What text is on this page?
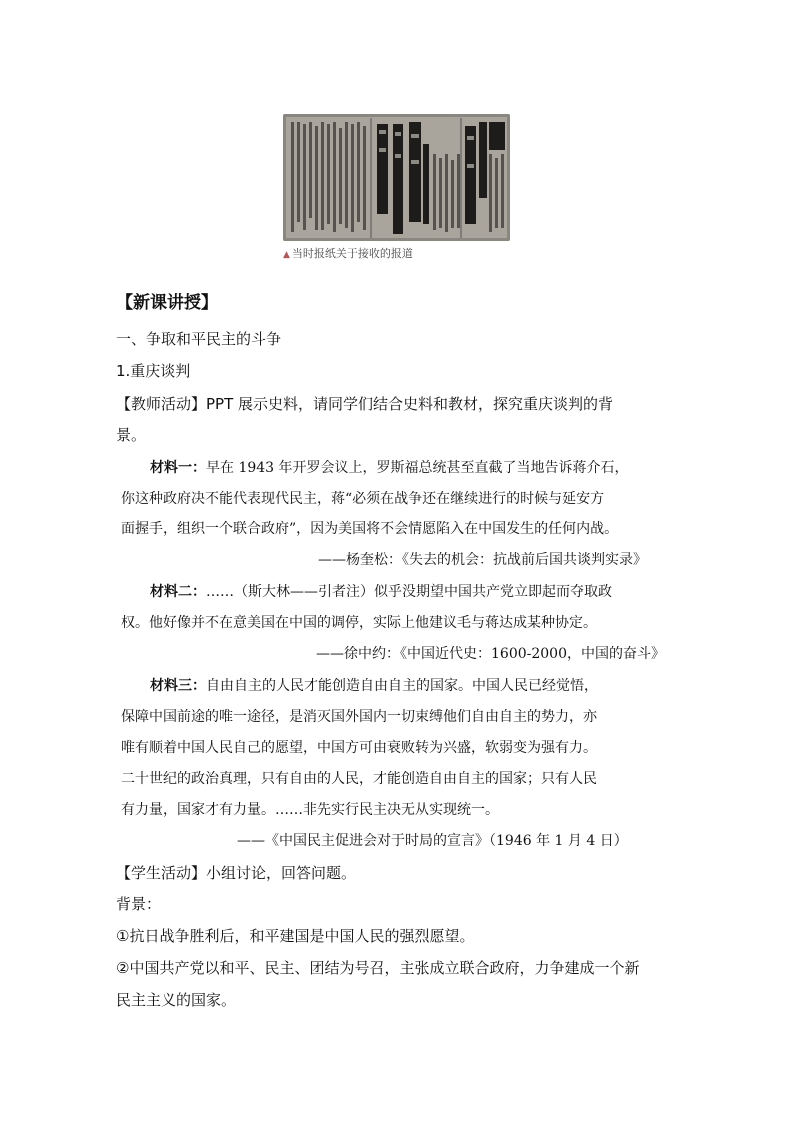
▲ 当时报纸关于接收的报道
【新课讲授】
一、争取和平民主的斗争
1.重庆谈判
【教师活动】PPT 展示史料，请同学们结合史料和教材，探究重庆谈判的背
景。
材料一：早在 1943 年开罗会议上，罗斯福总统甚至直截了当地告诉蒋介石，
你这种政府决不能代表现代民主，蒋“必须在战争还在继续进行的时候与延安方
面握手，组织一个联合政府”，因为美国将不会情愿陷入在中国发生的任何内战。
——杨奎松：《失去的机会：抗战前后国共谈判实录》
材料二：……（斯大林——引者注）似乎没期望中国共产党立即起而夺取政
权。他好像并不在意美国在中国的调停，实际上他建议毛与蒋达成某种协定。
——徐中约：《中国近代史：1600-2000，中国的奋斗》
材料三：自由自主的人民才能创造自由自主的国家。中国人民已经觉悟，
保障中国前途的唯一途径，是消灭国外国内一切束缚他们自由自主的势力，亦
唯有顺着中国人民自己的愿望，中国方可由衰败转为兴盛，软弱变为强有力。
二十世纪的政治真理，只有自由的人民，才能创造自由自主的国家；只有人民
有力量，国家才有力量。……非先实行民主决无从实现统一。
——《中国民主促进会对于时局的宣言》（1946 年 1 月 4 日）
【学生活动】小组讨论，回答问题。
背景：
①抗日战争胜利后，和平建国是中国人民的强烈愿望。
②中国共产党以和平、民主、团结为号召，主张成立联合政府，力争建成一个新
民主主义的国家。
